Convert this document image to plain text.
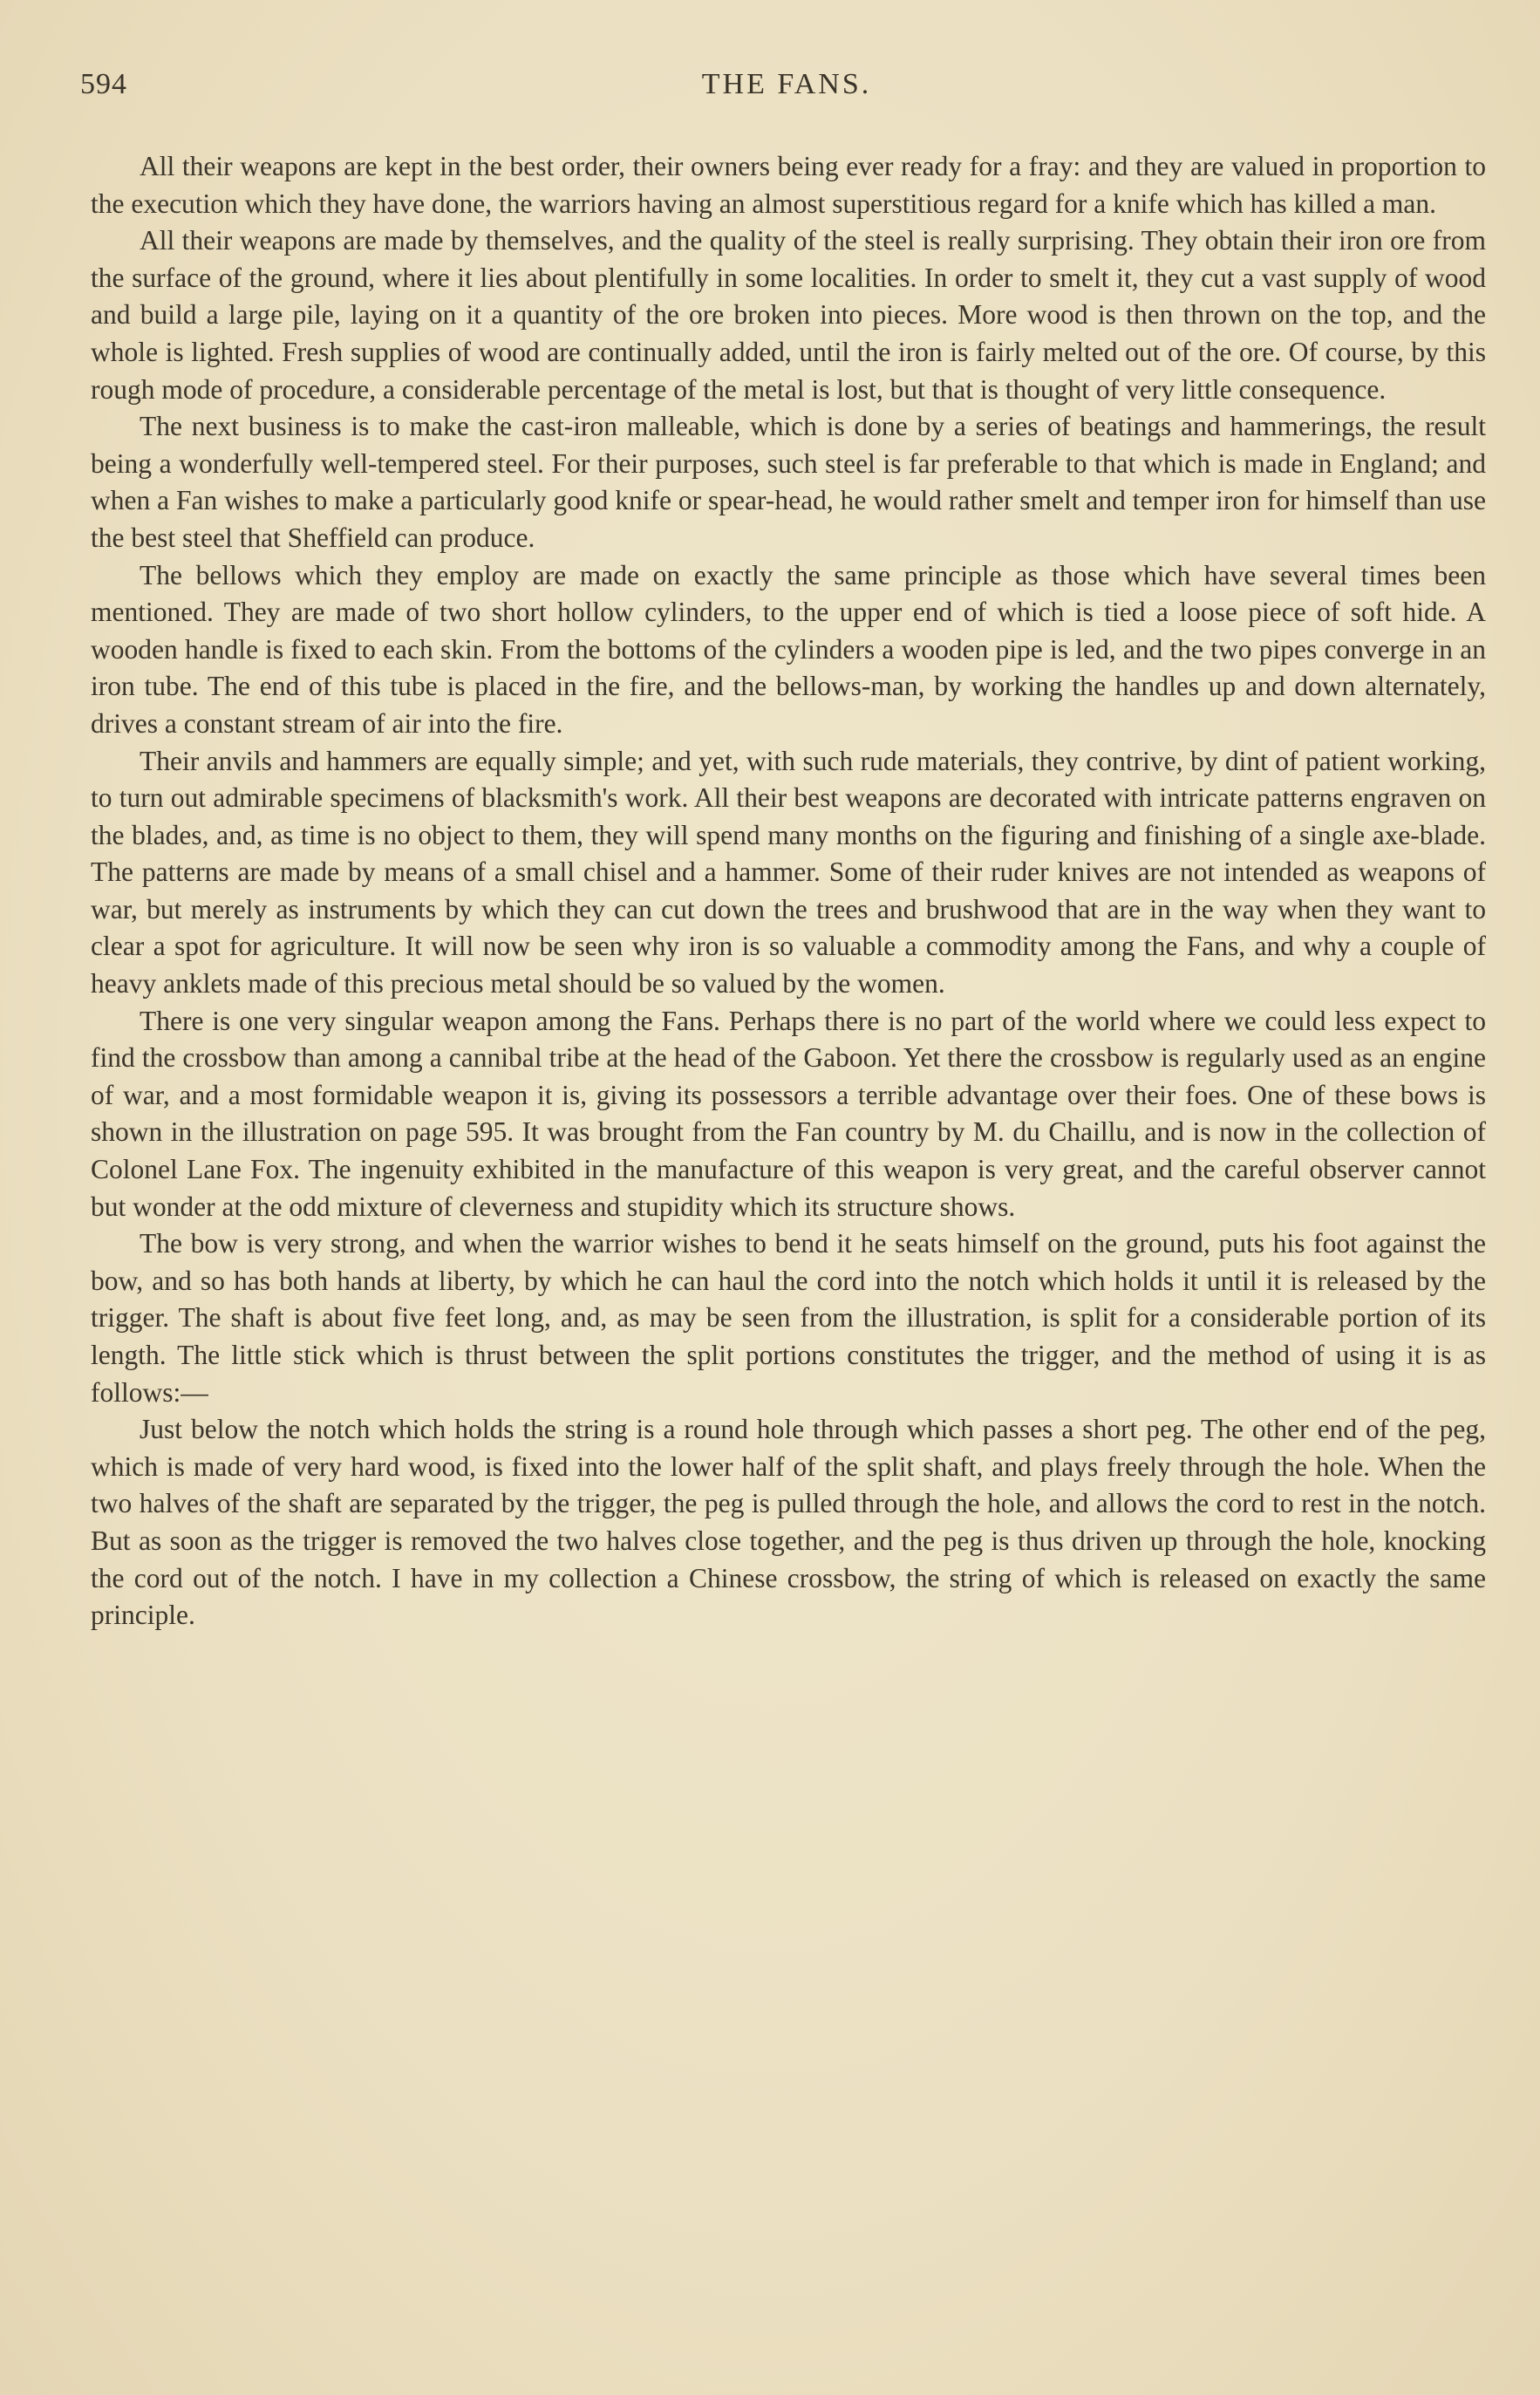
594	THE FANS.

All their weapons are kept in the best order, their owners being ever ready for a fray: and they are valued in proportion to the execution which they have done, the warriors having an almost superstitious regard for a knife which has killed a man.

All their weapons are made by themselves, and the quality of the steel is really surprising. They obtain their iron ore from the surface of the ground, where it lies about plentifully in some localities. In order to smelt it, they cut a vast supply of wood and build a large pile, laying on it a quantity of the ore broken into pieces. More wood is then thrown on the top, and the whole is lighted. Fresh supplies of wood are continually added, until the iron is fairly melted out of the ore. Of course, by this rough mode of procedure, a considerable percentage of the metal is lost, but that is thought of very little consequence.

The next business is to make the cast-iron malleable, which is done by a series of beatings and hammerings, the result being a wonderfully well-tempered steel. For their purposes, such steel is far preferable to that which is made in England; and when a Fan wishes to make a particularly good knife or spear-head, he would rather smelt and temper iron for himself than use the best steel that Sheffield can produce.

The bellows which they employ are made on exactly the same principle as those which have several times been mentioned. They are made of two short hollow cylinders, to the upper end of which is tied a loose piece of soft hide. A wooden handle is fixed to each skin. From the bottoms of the cylinders a wooden pipe is led, and the two pipes converge in an iron tube. The end of this tube is placed in the fire, and the bellows-man, by working the handles up and down alternately, drives a constant stream of air into the fire.

Their anvils and hammers are equally simple; and yet, with such rude materials, they contrive, by dint of patient working, to turn out admirable specimens of blacksmith's work. All their best weapons are decorated with intricate patterns engraven on the blades, and, as time is no object to them, they will spend many months on the figuring and finishing of a single axe-blade. The patterns are made by means of a small chisel and a hammer. Some of their ruder knives are not intended as weapons of war, but merely as instruments by which they can cut down the trees and brushwood that are in the way when they want to clear a spot for agriculture. It will now be seen why iron is so valuable a commodity among the Fans, and why a couple of heavy anklets made of this precious metal should be so valued by the women.

There is one very singular weapon among the Fans. Perhaps there is no part of the world where we could less expect to find the crossbow than among a cannibal tribe at the head of the Gaboon. Yet there the crossbow is regularly used as an engine of war, and a most formidable weapon it is, giving its possessors a terrible advantage over their foes. One of these bows is shown in the illustration on page 595. It was brought from the Fan country by M. du Chaillu, and is now in the collection of Colonel Lane Fox. The ingenuity exhibited in the manufacture of this weapon is very great, and the careful observer cannot but wonder at the odd mixture of cleverness and stupidity which its structure shows.

The bow is very strong, and when the warrior wishes to bend it he seats himself on the ground, puts his foot against the bow, and so has both hands at liberty, by which he can haul the cord into the notch which holds it until it is released by the trigger. The shaft is about five feet long, and, as may be seen from the illustration, is split for a considerable portion of its length. The little stick which is thrust between the split portions constitutes the trigger, and the method of using it is as follows:—

Just below the notch which holds the string is a round hole through which passes a short peg. The other end of the peg, which is made of very hard wood, is fixed into the lower half of the split shaft, and plays freely through the hole. When the two halves of the shaft are separated by the trigger, the peg is pulled through the hole, and allows the cord to rest in the notch. But as soon as the trigger is removed the two halves close together, and the peg is thus driven up through the hole, knocking the cord out of the notch. I have in my collection a Chinese crossbow, the string of which is released on exactly the same principle.
